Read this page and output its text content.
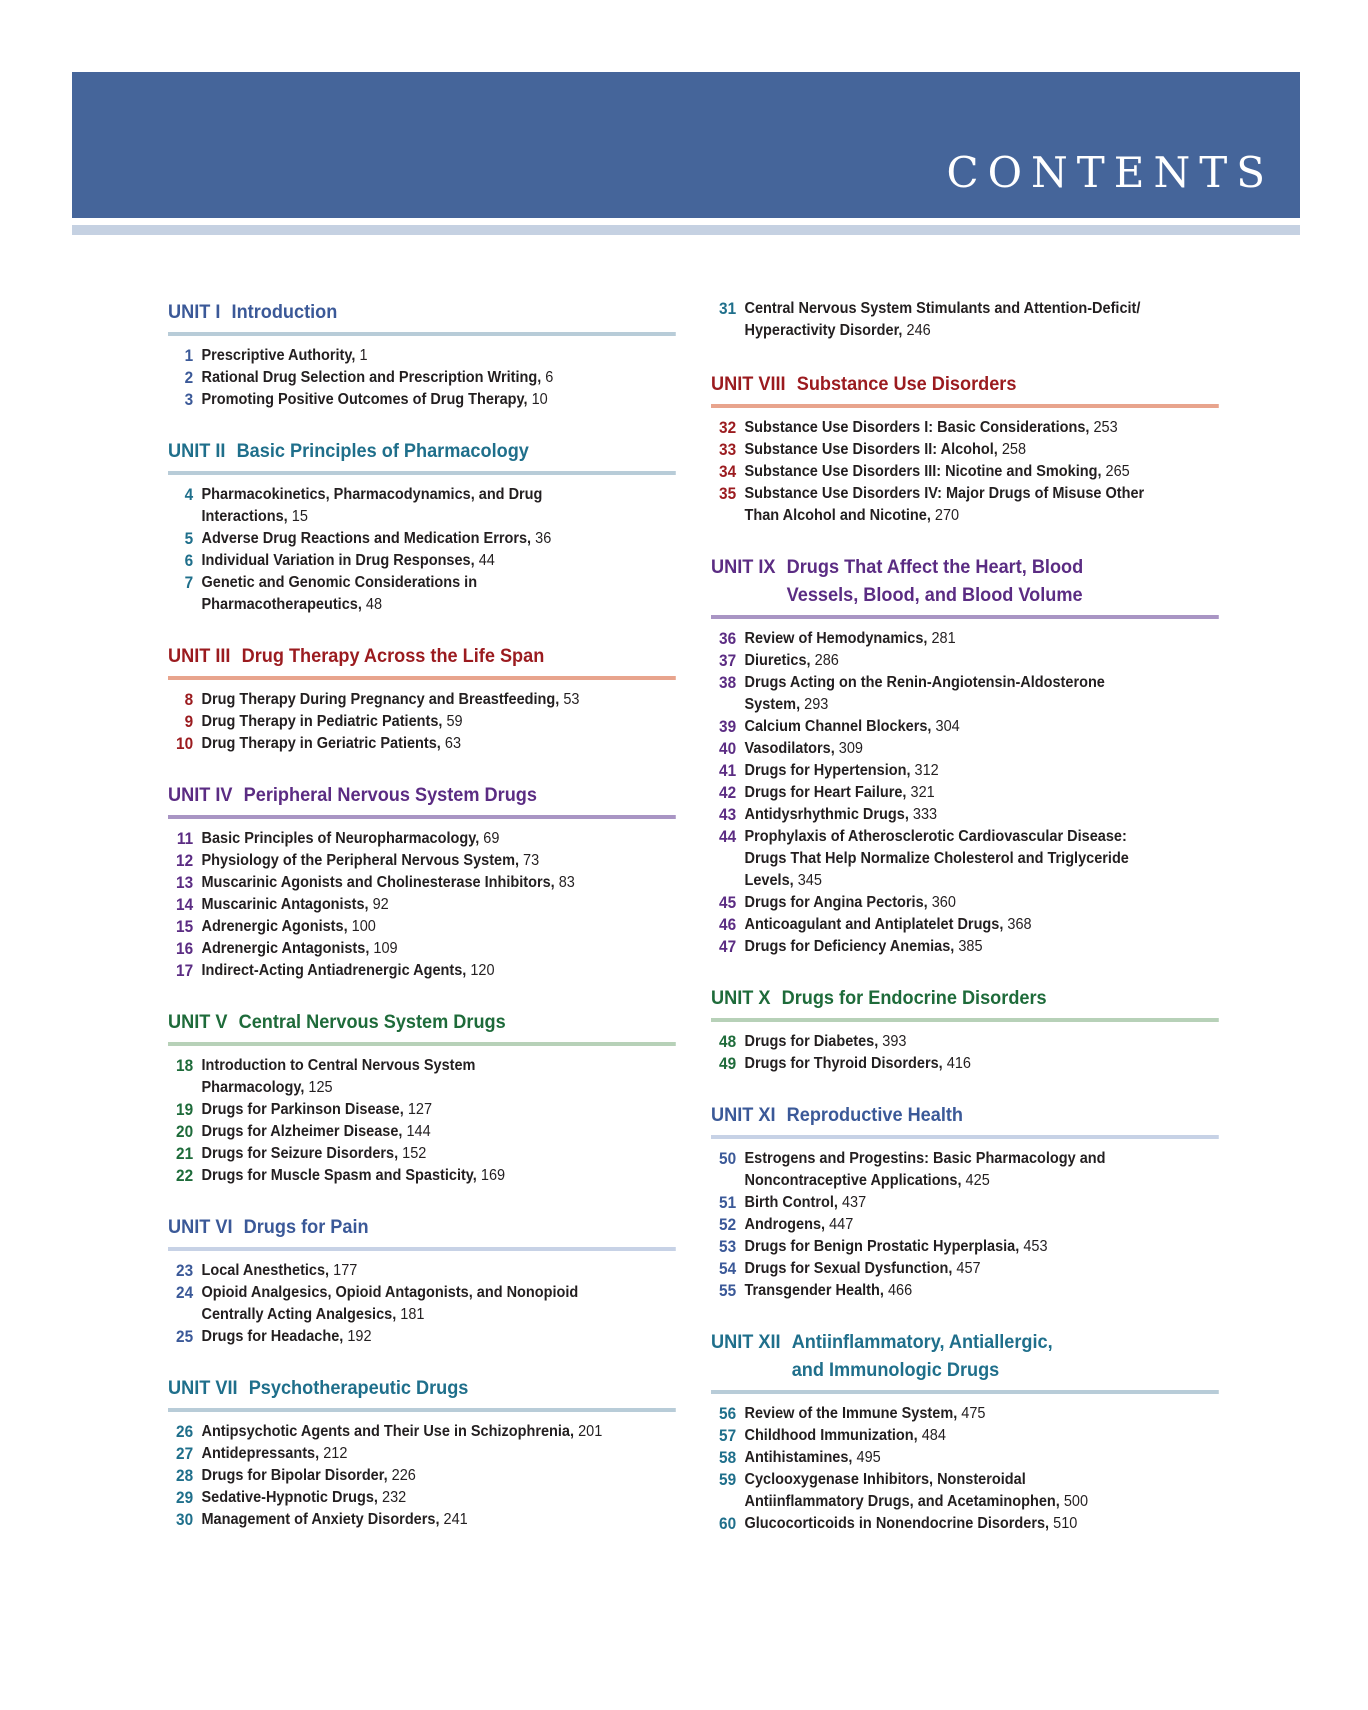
CONTENTS
UNIT I Introduction
1 Prescriptive Authority, 1
2 Rational Drug Selection and Prescription Writing, 6
3 Promoting Positive Outcomes of Drug Therapy, 10
UNIT II Basic Principles of Pharmacology
4 Pharmacokinetics, Pharmacodynamics, and Drug
Interactions, 15
5 Adverse Drug Reactions and Medication Errors, 36
6 Individual Variation in Drug Responses, 44
7 Genetic and Genomic Considerations in
Pharmacotherapeutics, 48
UNIT III Drug Therapy Across the Life Span
8 Drug Therapy During Pregnancy and Breastfeeding, 53
9 Drug Therapy in Pediatric Patients, 59
10 Drug Therapy in Geriatric Patients, 63
UNIT IV Peripheral Nervous System Drugs
11 Basic Principles of Neuropharmacology, 69
12 Physiology of the Peripheral Nervous System, 73
13 Muscarinic Agonists and Cholinesterase Inhibitors, 83
14 Muscarinic Antagonists, 92
15 Adrenergic Agonists, 100
16 Adrenergic Antagonists, 109
17 Indirect-Acting Antiadrenergic Agents, 120
UNIT V Central Nervous System Drugs
18 Introduction to Central Nervous System
Pharmacology, 125
19 Drugs for Parkinson Disease, 127
20 Drugs for Alzheimer Disease, 144
21 Drugs for Seizure Disorders, 152
22 Drugs for Muscle Spasm and Spasticity, 169
UNIT VI Drugs for Pain
23 Local Anesthetics, 177
24 Opioid Analgesics, Opioid Antagonists, and Nonopioid
Centrally Acting Analgesics, 181
25 Drugs for Headache, 192
UNIT VII Psychotherapeutic Drugs
26 Antipsychotic Agents and Their Use in Schizophrenia, 201
27 Antidepressants, 212
28 Drugs for Bipolar Disorder, 226
29 Sedative-Hypnotic Drugs, 232
30 Management of Anxiety Disorders, 241
31 Central Nervous System Stimulants and Attention-Deficit/
Hyperactivity Disorder, 246
UNIT VIII Substance Use Disorders
32 Substance Use Disorders I: Basic Considerations, 253
33 Substance Use Disorders II: Alcohol, 258
34 Substance Use Disorders III: Nicotine and Smoking, 265
35 Substance Use Disorders IV: Major Drugs of Misuse Other
Than Alcohol and Nicotine, 270
UNIT IX Drugs That Affect the Heart, Blood
Vessels, Blood, and Blood Volume
36 Review of Hemodynamics, 281
37 Diuretics, 286
38 Drugs Acting on the Renin-Angiotensin-Aldosterone
System, 293
39 Calcium Channel Blockers, 304
40 Vasodilators, 309
41 Drugs for Hypertension, 312
42 Drugs for Heart Failure, 321
43 Antidysrhythmic Drugs, 333
44 Prophylaxis of Atherosclerotic Cardiovascular Disease:
Drugs That Help Normalize Cholesterol and Triglyceride
Levels, 345
45 Drugs for Angina Pectoris, 360
46 Anticoagulant and Antiplatelet Drugs, 368
47 Drugs for Deficiency Anemias, 385
UNIT X Drugs for Endocrine Disorders
48 Drugs for Diabetes, 393
49 Drugs for Thyroid Disorders, 416
UNIT XI Reproductive Health
50 Estrogens and Progestins: Basic Pharmacology and
Noncontraceptive Applications, 425
51 Birth Control, 437
52 Androgens, 447
53 Drugs for Benign Prostatic Hyperplasia, 453
54 Drugs for Sexual Dysfunction, 457
55 Transgender Health, 466
UNIT XII Antiinflammatory, Antiallergic,
and Immunologic Drugs
56 Review of the Immune System, 475
57 Childhood Immunization, 484
58 Antihistamines, 495
59 Cyclooxygenase Inhibitors, Nonsteroidal
Antiinflammatory Drugs, and Acetaminophen, 500
60 Glucocorticoids in Nonendocrine Disorders, 510
